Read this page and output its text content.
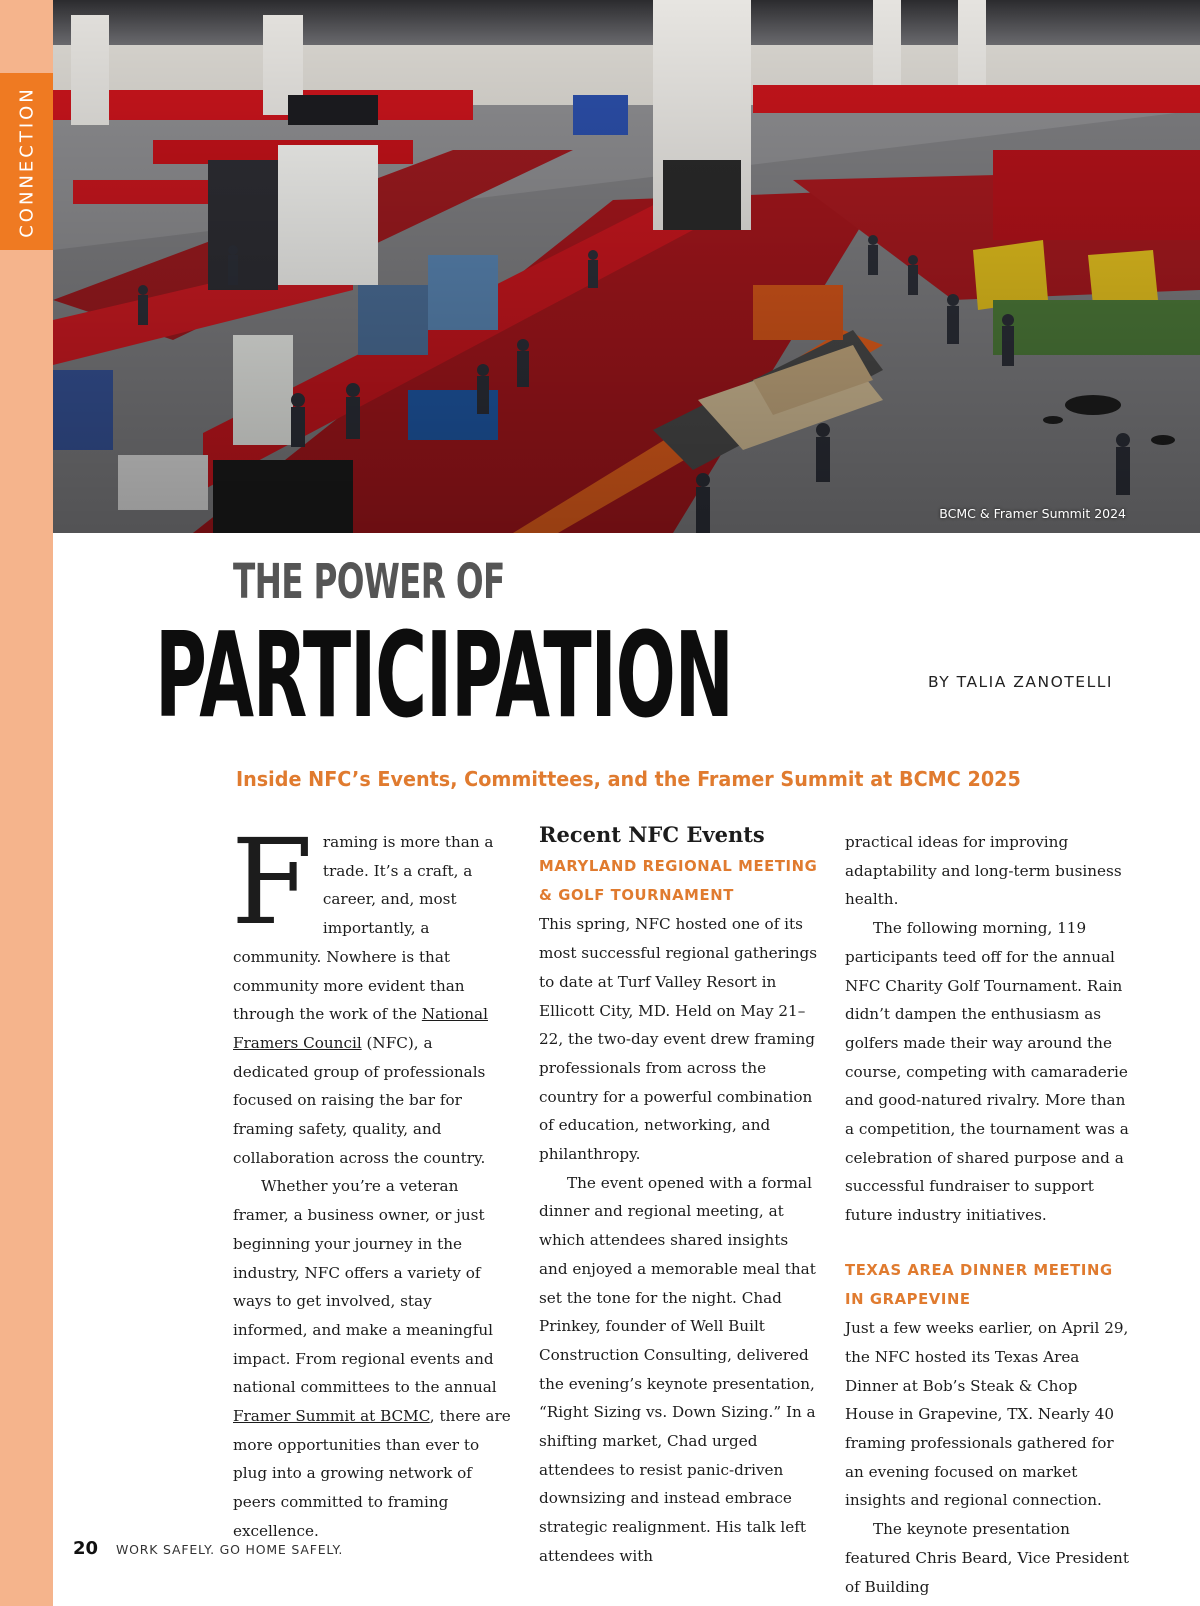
CONNECTION
BCMC & Framer Summit 2024
THE POWER OF
PARTICIPATION	BY TALIA ZANOTELLI
Inside NFC’s Events, Committees, and the Framer Summit at BCMC 2025

Framing is more than a trade. It’s a craft, a career, and, most importantly, a community. Nowhere is that community more evident than through the work of the National Framers Council (NFC), a dedicated group of professionals focused on raising the bar for framing safety, quality, and collaboration across the country.

Whether you’re a veteran framer, a business owner, or just beginning your journey in the industry, NFC offers a variety of ways to get involved, stay informed, and make a meaningful impact. From regional events and national committees to the annual Framer Summit at BCMC, there are more opportunities than ever to plug into a growing network of peers committed to framing excellence.

Recent NFC Events
MARYLAND REGIONAL MEETING & GOLF TOURNAMENT

This spring, NFC hosted one of its most successful regional gatherings to date at Turf Valley Resort in Ellicott City, MD. Held on May 21–22, the two-day event drew framing professionals from across the country for a powerful combination of education, networking, and philanthropy.

The event opened with a formal dinner and regional meeting, at which attendees shared insights and enjoyed a memorable meal that set the tone for the night. Chad Prinkey, founder of Well Built Construction Consulting, delivered the evening’s keynote presentation, “Right Sizing vs. Down Sizing.” In a shifting market, Chad urged attendees to resist panic-driven downsizing and instead embrace strategic realignment. His talk left attendees with

practical ideas for improving adaptability and long-term business health.

The following morning, 119 participants teed off for the annual NFC Charity Golf Tournament. Rain didn’t dampen the enthusiasm as golfers made their way around the course, competing with camaraderie and good-natured rivalry. More than a competition, the tournament was a celebration of shared purpose and a successful fundraiser to support future industry initiatives.

TEXAS AREA DINNER MEETING IN GRAPEVINE

Just a few weeks earlier, on April 29, the NFC hosted its Texas Area Dinner at Bob’s Steak & Chop House in Grapevine, TX. Nearly 40 framing professionals gathered for an evening focused on market insights and regional connection.

The keynote presentation featured Chris Beard, Vice President of Building

20 WORK SAFELY. GO HOME SAFELY.
